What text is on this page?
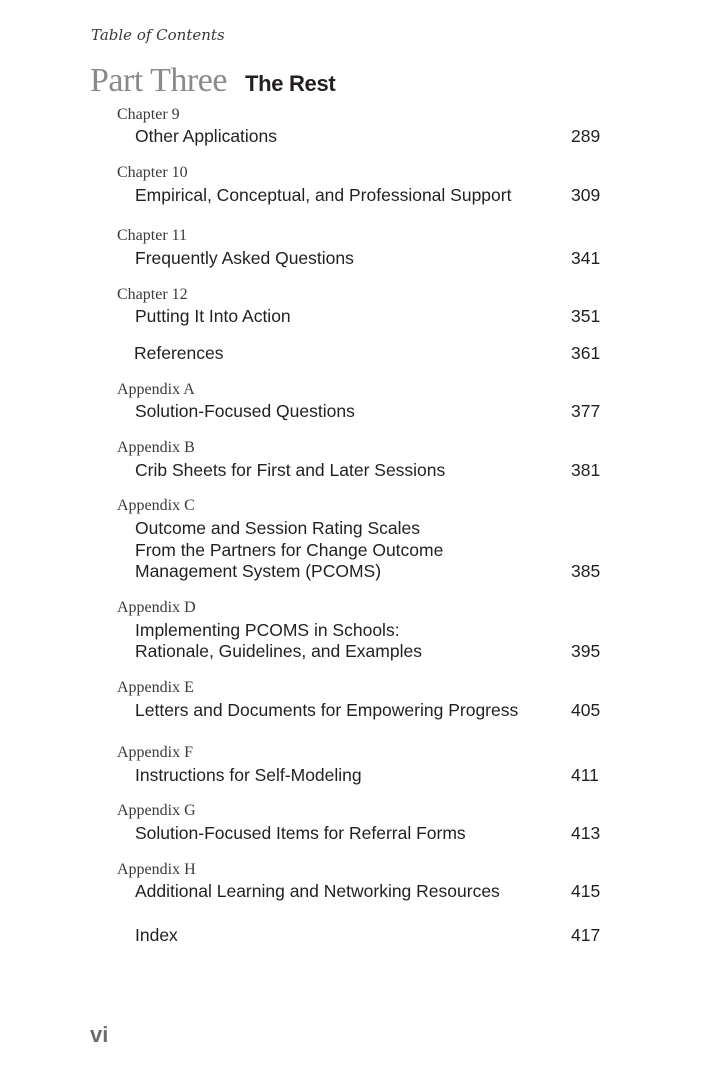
Table of Contents
Part Three The Rest
Chapter 9
Other Applications	289
Chapter 10
Empirical, Conceptual, and Professional Support	309
Chapter 11
Frequently Asked Questions	341
Chapter 12
Putting It Into Action	351
References	361
Appendix A
Solution-Focused Questions	377
Appendix B
Crib Sheets for First and Later Sessions	381
Appendix C
Outcome and Session Rating Scales
From the Partners for Change Outcome
Management System (PCOMS)	385
Appendix D
Implementing PCOMS in Schools:
Rationale, Guidelines, and Examples	395
Appendix E
Letters and Documents for Empowering Progress	405
Appendix F
Instructions for Self-Modeling	411
Appendix G
Solution-Focused Items for Referral Forms	413
Appendix H
Additional Learning and Networking Resources	415
Index	417
vi
